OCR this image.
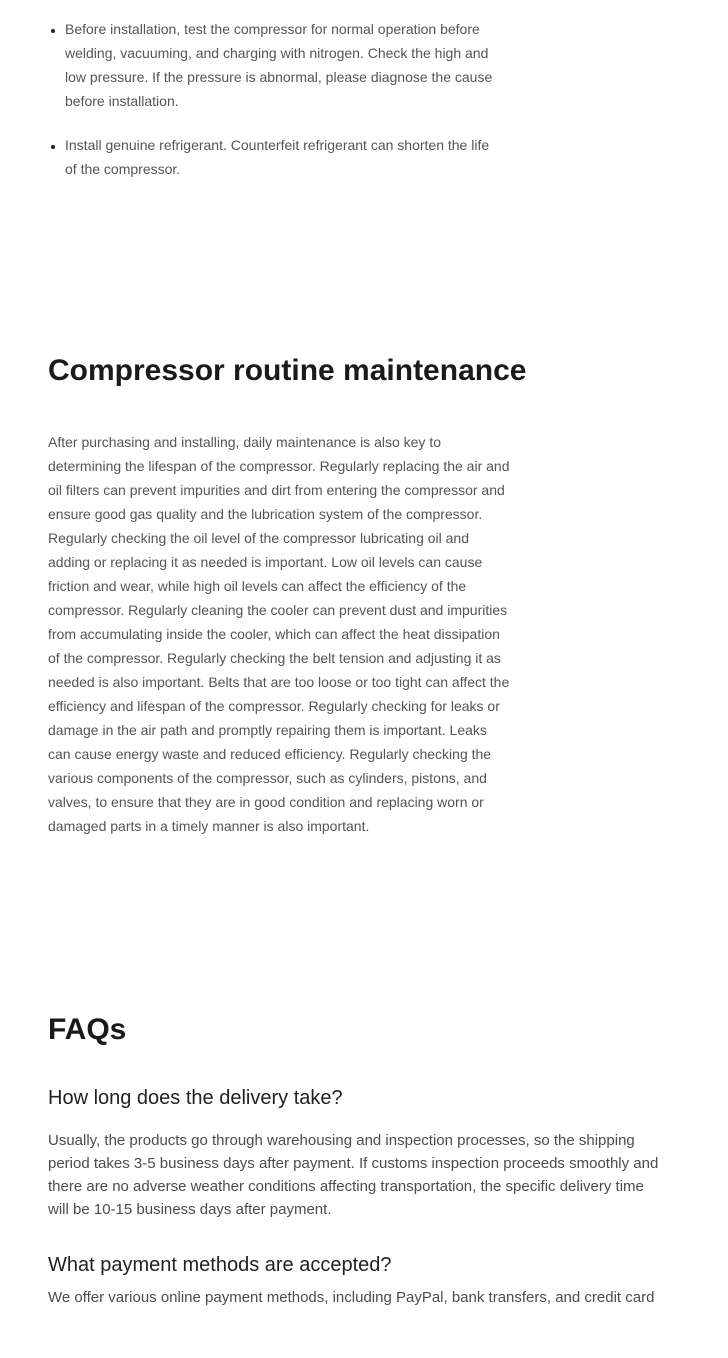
• Before installation, test the compressor for normal operation before welding, vacuuming, and charging with nitrogen. Check the high and low pressure. If the pressure is abnormal, please diagnose the cause before installation.
• Install genuine refrigerant. Counterfeit refrigerant can shorten the life of the compressor.
Compressor routine maintenance

After purchasing and installing, daily maintenance is also key to determining the lifespan of the compressor. Regularly replacing the air and oil filters can prevent impurities and dirt from entering the compressor and ensure good gas quality and the lubrication system of the compressor. Regularly checking the oil level of the compressor lubricating oil and adding or replacing it as needed is important. Low oil levels can cause friction and wear, while high oil levels can affect the efficiency of the compressor. Regularly cleaning the cooler can prevent dust and impurities from accumulating inside the cooler, which can affect the heat dissipation of the compressor. Regularly checking the belt tension and adjusting it as needed is also important. Belts that are too loose or too tight can affect the efficiency and lifespan of the compressor. Regularly checking for leaks or damage in the air path and promptly repairing them is important. Leaks can cause energy waste and reduced efficiency. Regularly checking the various components of the compressor, such as cylinders, pistons, and valves, to ensure that they are in good condition and replacing worn or damaged parts in a timely manner is also important.

FAQs
How long does the delivery take?

Usually, the products go through warehousing and inspection processes, so the shipping period takes 3-5 business days after payment. If customs inspection proceeds smoothly and there are no adverse weather conditions affecting transportation, the specific delivery time will be 10-15 business days after payment.

What payment methods are accepted?

We offer various online payment methods, including PayPal, bank transfers, and credit card
